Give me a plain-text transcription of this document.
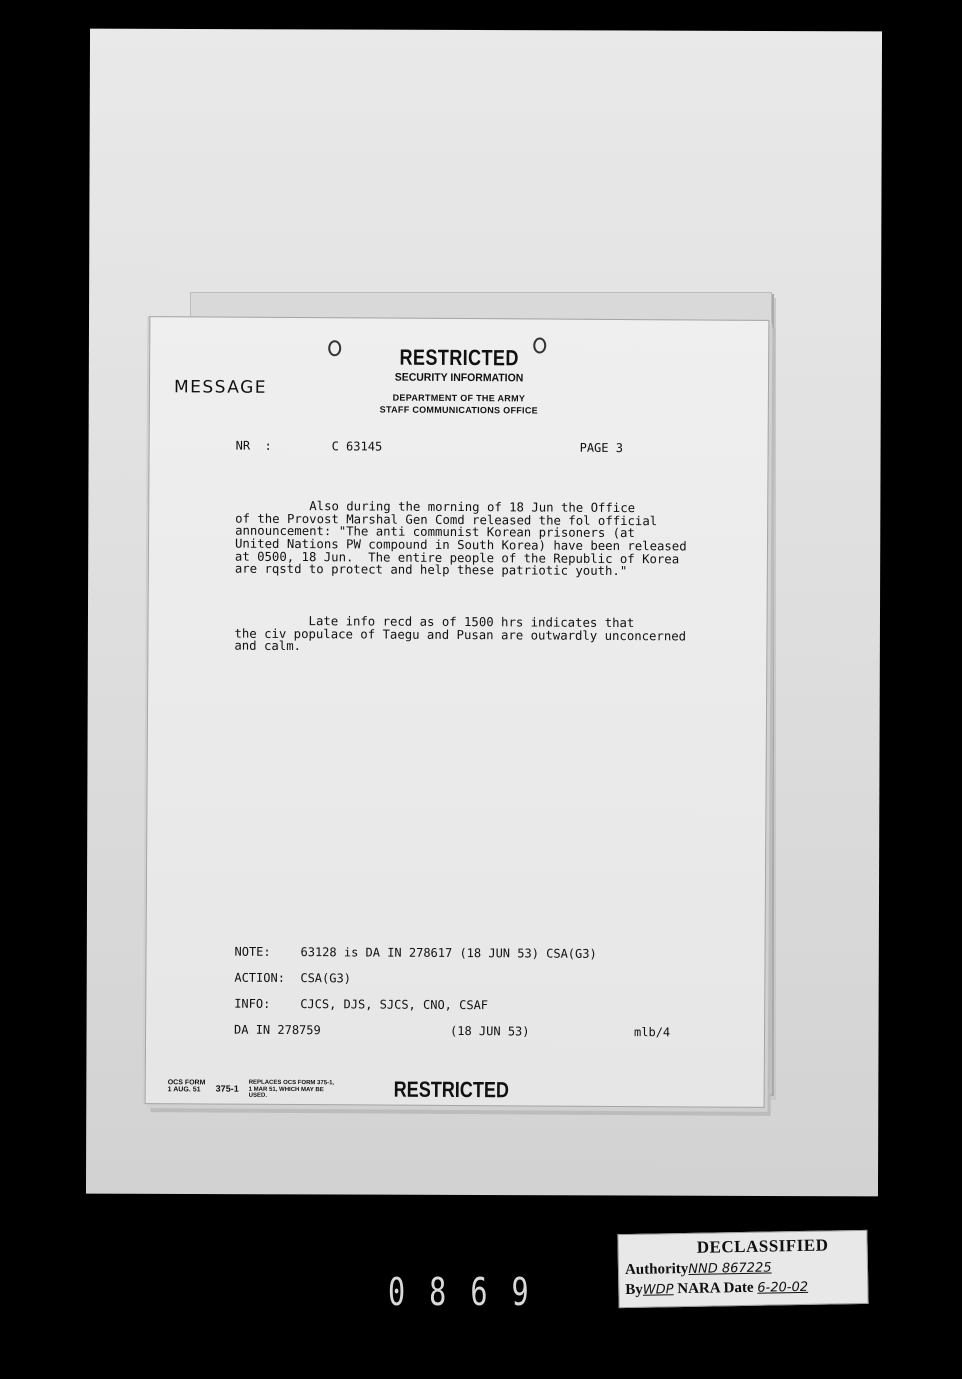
RESTRICTED
SECURITY INFORMATION
MESSAGE
DEPARTMENT OF THE ARMY
STAFF COMMUNICATIONS OFFICE
NR  :	C 63145	PAGE 3

Also during the morning of 18 Jun the Office
of the Provost Marshal Gen Comd released the fol official
announcement: "The anti communist Korean prisoners (at
United Nations PW compound in South Korea) have been released
at 0500, 18 Jun.  The entire people of the Republic of Korea
are rqstd to protect and help these patriotic youth."

Late info recd as of 1500 hrs indicates that
the civ populace of Taegu and Pusan are outwardly unconcerned
and calm.

NOTE: 63128 is DA IN 278617 (18 JUN 53) CSA(G3)
ACTION: CSA(G3)
INFO: CJCS, DJS, SJCS, CNO, CSAF
DA IN 278759	(18 JUN 53)	mlb/4
OCS FORM
1 AUG. 51	375-1
REPLACES OCS FORM 375-1, 1 MAR 51, WHICH MAY BE USED.	RESTRICTED
DECLASSIFIED
AuthorityNND 867225
ByWDP NARA Date 6-20-02
0869
